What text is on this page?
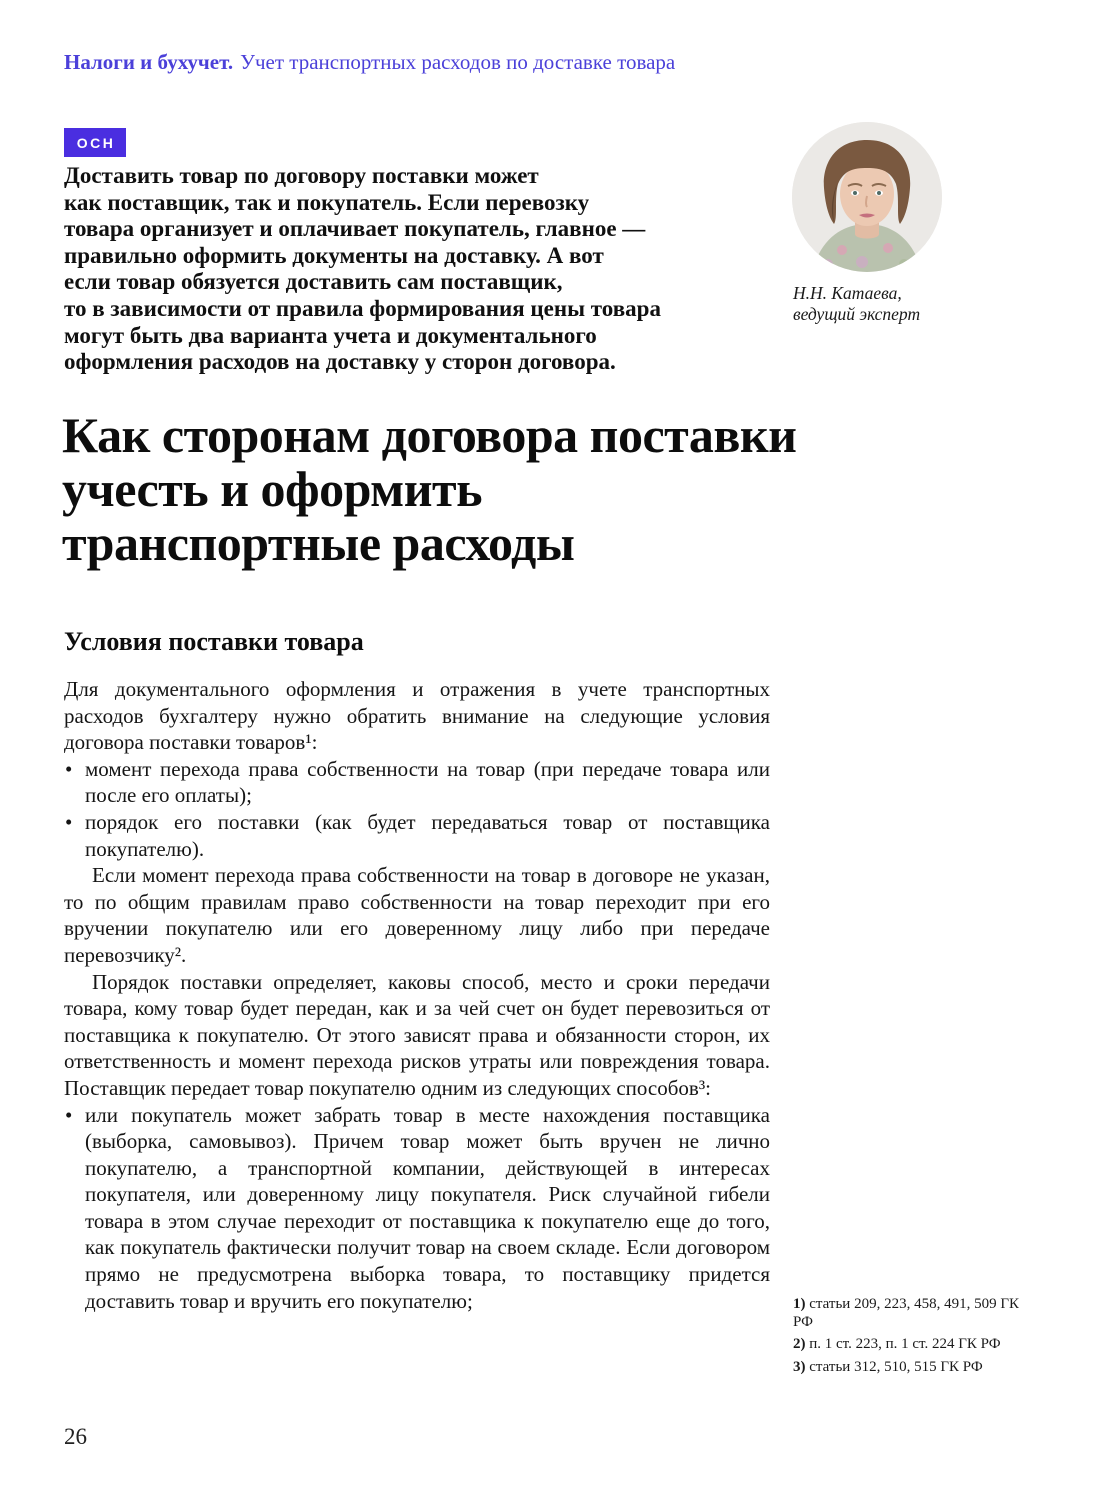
Налоги и бухучет. Учет транспортных расходов по доставке товара
ОСН
Доставить товар по договору поставки может
как поставщик, так и покупатель. Если перевозку
товара организует и оплачивает покупатель, главное —
правильно оформить документы на доставку. А вот
если товар обязуется доставить сам поставщик,
то в зависимости от правила формирования цены товара
могут быть два варианта учета и документального
оформления расходов на доставку у сторон договора.
Н.Н. Катаева,
ведущий эксперт
Как сторонам договора поставки
учесть и оформить
транспортные расходы
Условия поставки товара

Для документального оформления и отражения в учете транспортных расходов бухгалтеру нужно обратить внимание на следующие условия договора поставки товаров¹:

• момент перехода права собственности на товар (при передаче товара или после его оплаты);
• порядок его поставки (как будет передаваться товар от поставщика покупателю).

Если момент перехода права собственности на товар в договоре не указан, то по общим правилам право собственности на товар переходит при его вручении покупателю или его доверенному лицу либо при передаче перевозчику².

Порядок поставки определяет, каковы способ, место и сроки передачи товара, кому товар будет передан, как и за чей счет он будет перевозиться от поставщика к покупателю. От этого зависят права и обязанности сторон, их ответственность и момент перехода рисков утраты или повреждения товара. Поставщик передает товар покупателю одним из следующих способов³:

• или покупатель может забрать товар в месте нахождения поставщика (выборка, самовывоз). Причем товар может быть вручен не лично покупателю, а транспортной компании, действующей в интересах покупателя, или доверенному лицу покупателя. Риск случайной гибели товара в этом случае переходит от поставщика к покупателю еще до того, как покупатель фактически получит товар на своем складе. Если договором прямо не предусмотрена выборка товара, то поставщику придется доставить товар и вручить его покупателю;	1) статьи 209, 223, 458, 491, 509 ГК РФ
2) п. 1 ст. 223, п. 1 ст. 224 ГК РФ
3) статьи 312, 510, 515 ГК РФ
26
